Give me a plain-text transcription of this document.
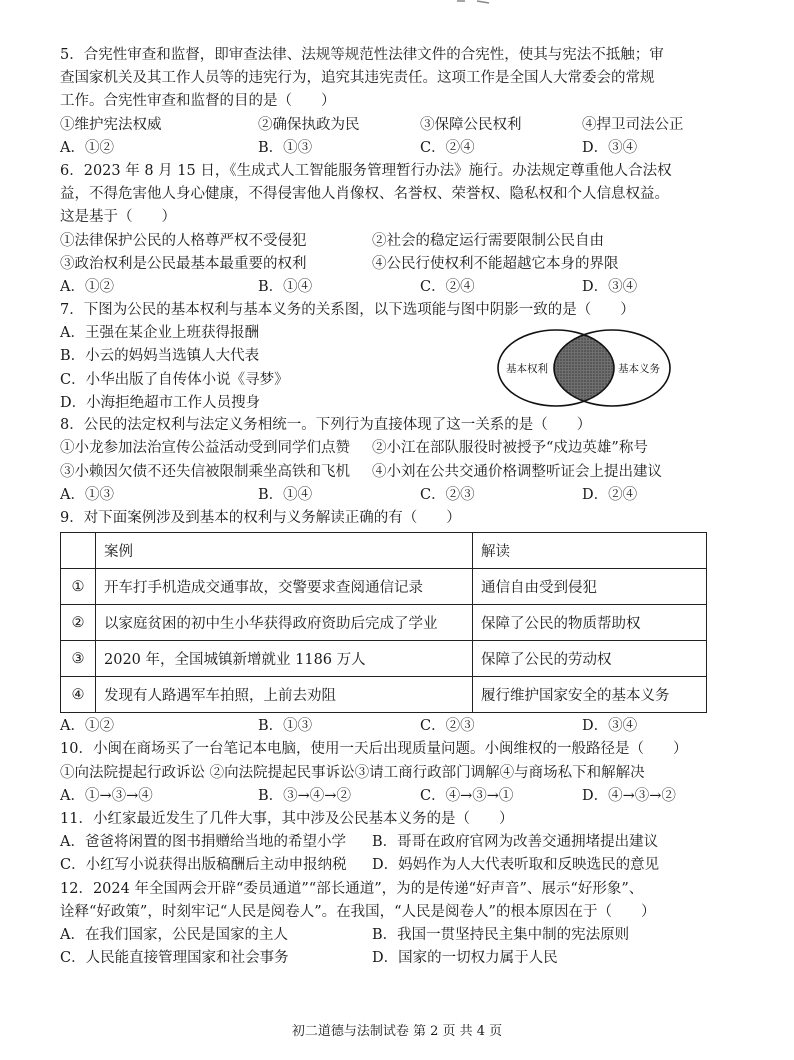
5．合宪性审查和监督，即审查法律、法规等规范性法律文件的合宪性，使其与宪法不抵触；审
查国家机关及其工作人员等的违宪行为，追究其违宪责任。这项工作是全国人大常委会的常规
工作。合宪性审查和监督的目的是（　　）
①维护宪法权威	②确保执政为民	③保障公民权利	④捍卫司法公正
A．①②	B．①③	C．②④	D．③④
6．2023 年 8 月 15 日，《生成式人工智能服务管理暂行办法》施行。办法规定尊重他人合法权
益，不得危害他人身心健康，不得侵害他人肖像权、名誉权、荣誉权、隐私权和个人信息权益。
这是基于（　　）
①法律保护公民的人格尊严权不受侵犯	②社会的稳定运行需要限制公民自由
③政治权利是公民最基本最重要的权利	④公民行使权利不能超越它本身的界限
A．①②	B．①④	C．②④	D．③④
7．下图为公民的基本权利与基本义务的关系图，以下选项能与图中阴影一致的是（　　）
A．王强在某企业上班获得报酬
B．小云的妈妈当选镇人大代表
C．小华出版了自传体小说《寻梦》
D．小海拒绝超市工作人员搜身
基本权利	基本义务
8．公民的法定权利与法定义务相统一。下列行为直接体现了这一关系的是（　　）
①小龙参加法治宣传公益活动受到同学们点赞 ②小江在部队服役时被授予“戍边英雄”称号
③小赖因欠债不还失信被限制乘坐高铁和飞机 ④小刘在公共交通价格调整听证会上提出建议
A．①③	B．①④	C．②③	D．②④
9．对下面案例涉及到基本的权利与义务解读正确的有（　　）
	案例	解读
①	开车打手机造成交通事故，交警要求查阅通信记录	通信自由受到侵犯
②	以家庭贫困的初中生小华获得政府资助后完成了学业	保障了公民的物质帮助权
③	2020 年，全国城镇新增就业 1186 万人	保障了公民的劳动权
④	发现有人路遇军车拍照，上前去劝阻	履行维护国家安全的基本义务
A．①②	B．①③	C．②③	D．③④
10．小闽在商场买了一台笔记本电脑，使用一天后出现质量问题。小闽维权的一般路径是（　　）
①向法院提起行政诉讼 ②向法院提起民事诉讼③请工商行政部门调解④与商场私下和解解决
A．①→③→④	B．③→④→②	C．④→③→①	D．④→③→②
11．小红家最近发生了几件大事，其中涉及公民基本义务的是（　　）
A．爸爸将闲置的图书捐赠给当地的希望小学 B．哥哥在政府官网为改善交通拥堵提出建议
C．小红写小说获得出版稿酬后主动申报纳税 D．妈妈作为人大代表听取和反映选民的意见
12．2024 年全国两会开辟“委员通道”“部长通道”，为的是传递“好声音”、展示“好形象”、
诠释“好政策”，时刻牢记“人民是阅卷人”。在我国，“人民是阅卷人”的根本原因在于（　　）
A．在我们国家，公民是国家的主人	B．我国一贯坚持民主集中制的宪法原则
C．人民能直接管理国家和社会事务	D．国家的一切权力属于人民
初二道德与法制试卷 第 2 页 共 4 页
